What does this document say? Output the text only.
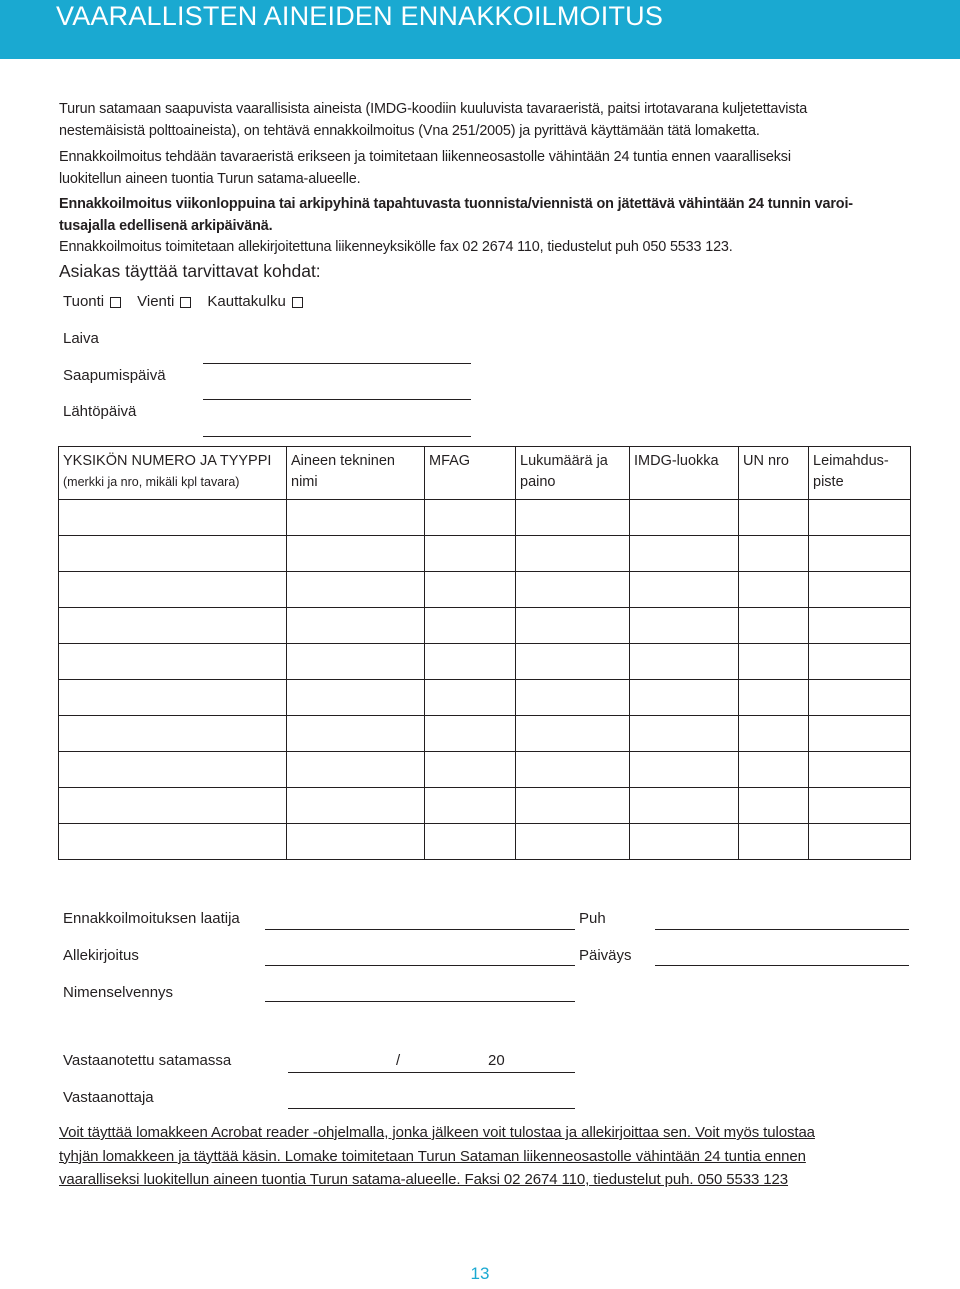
VAARALLISTEN AINEIDEN ENNAKKOILMOITUS
Turun satamaan saapuvista vaarallisista aineista (IMDG-koodiin kuuluvista tavaraeristä, paitsi irtotavarana kuljetettavista
nestemäisistä polttoaineista), on tehtävä ennakkoilmoitus (Vna 251/2005) ja pyrittävä käyttämään tätä lomaketta.
Ennakkoilmoitus tehdään tavaraeristä erikseen ja toimitetaan liikenneosastolle vähintään 24 tuntia ennen vaaralliseksi
luokitellun aineen tuontia Turun satama-alueelle.
Ennakkoilmoitus viikonloppuina tai arkipyhinä tapahtuvasta tuonnista/viennistä on jätettävä vähintään 24 tunnin varoi-
tusajalla edellisenä arkipäivänä.
Ennakkoilmoitus toimitetaan allekirjoitettuna liikenneyksikölle fax 02 2674 110, tiedustelut puh 050 5533 123.
Asiakas täyttää tarvittavat kohdat:
Tuonti Vienti Kauttakulku
Laiva
Saapumispäivä
Lähtöpäivä
YKSIKÖN NUMERO JA TYYPPI
(merkki ja nro, mikäli kpl tavara)	Aineen tekninen nimi	MFAG	Lukumäärä ja paino	IMDG-luokka	UN nro	Leimahdus- piste

Ennakkoilmoituksen laatija	Puh
Allekirjoitus	Päiväys
Nimenselvennys
Vastaanotettu satamassa	/	20
Vastaanottaja
Voit täyttää lomakkeen Acrobat reader -ohjelmalla, jonka jälkeen voit tulostaa ja allekirjoittaa sen. Voit myös tulostaa
tyhjän lomakkeen ja täyttää käsin. Lomake toimitetaan Turun Sataman liikenneosastolle vähintään 24 tuntia ennen
vaaralliseksi luokitellun aineen tuontia Turun satama-alueelle. Faksi 02 2674 110, tiedustelut puh. 050 5533 123
13
